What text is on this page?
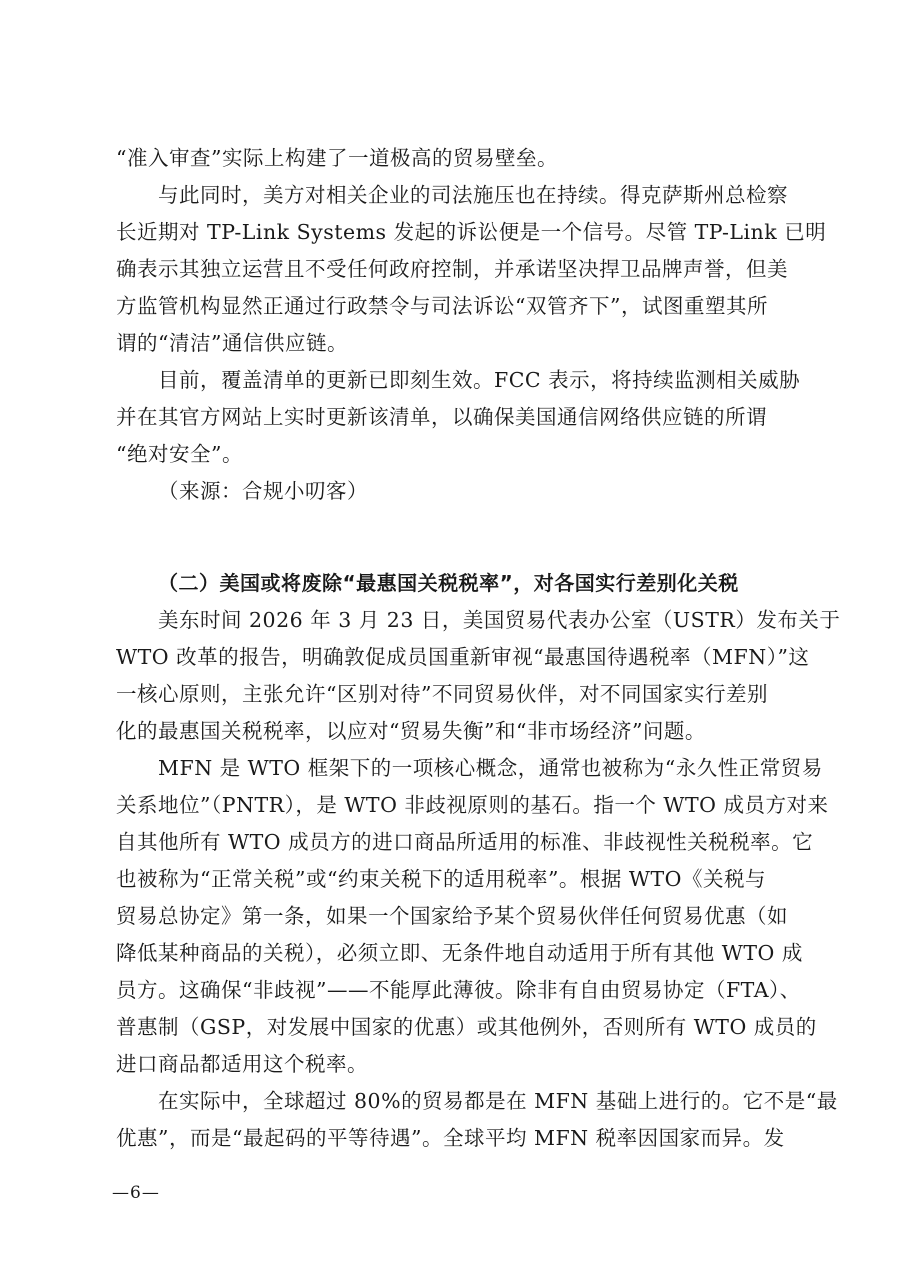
“准入审查”实际上构建了一道极高的贸易壁垒。
与此同时，美方对相关企业的司法施压也在持续。得克萨斯州总检察
长近期对 TP-Link Systems 发起的诉讼便是一个信号。尽管 TP-Link 已明
确表示其独立运营且不受任何政府控制，并承诺坚决捍卫品牌声誉，但美
方监管机构显然正通过行政禁令与司法诉讼“双管齐下”，试图重塑其所
谓的“清洁”通信供应链。
目前，覆盖清单的更新已即刻生效。FCC 表示，将持续监测相关威胁
并在其官方网站上实时更新该清单，以确保美国通信网络供应链的所谓
“绝对安全”。
（来源：合规小叨客）
（二）美国或将废除“最惠国关税税率”，对各国实行差别化关税
美东时间 2026 年 3 月 23 日，美国贸易代表办公室（USTR）发布关于
WTO 改革的报告，明确敦促成员国重新审视“最惠国待遇税率（MFN）”这
一核心原则，主张允许“区别对待”不同贸易伙伴，对不同国家实行差别
化的最惠国关税税率，以应对“贸易失衡”和“非市场经济”问题。
MFN 是 WTO 框架下的一项核心概念，通常也被称为“永久性正常贸易
关系地位”（PNTR），是 WTO 非歧视原则的基石。指一个 WTO 成员方对来
自其他所有 WTO 成员方的进口商品所适用的标准、非歧视性关税税率。它
也被称为“正常关税”或“约束关税下的适用税率”。根据 WTO《关税与
贸易总协定》第一条，如果一个国家给予某个贸易伙伴任何贸易优惠（如
降低某种商品的关税），必须立即、无条件地自动适用于所有其他 WTO 成
员方。这确保“非歧视”——不能厚此薄彼。除非有自由贸易协定（FTA）、
普惠制（GSP，对发展中国家的优惠）或其他例外，否则所有 WTO 成员的
进口商品都适用这个税率。
在实际中，全球超过 80%的贸易都是在 MFN 基础上进行的。它不是“最
优惠”，而是“最起码的平等待遇”。全球平均 MFN 税率因国家而异。发
—6—
